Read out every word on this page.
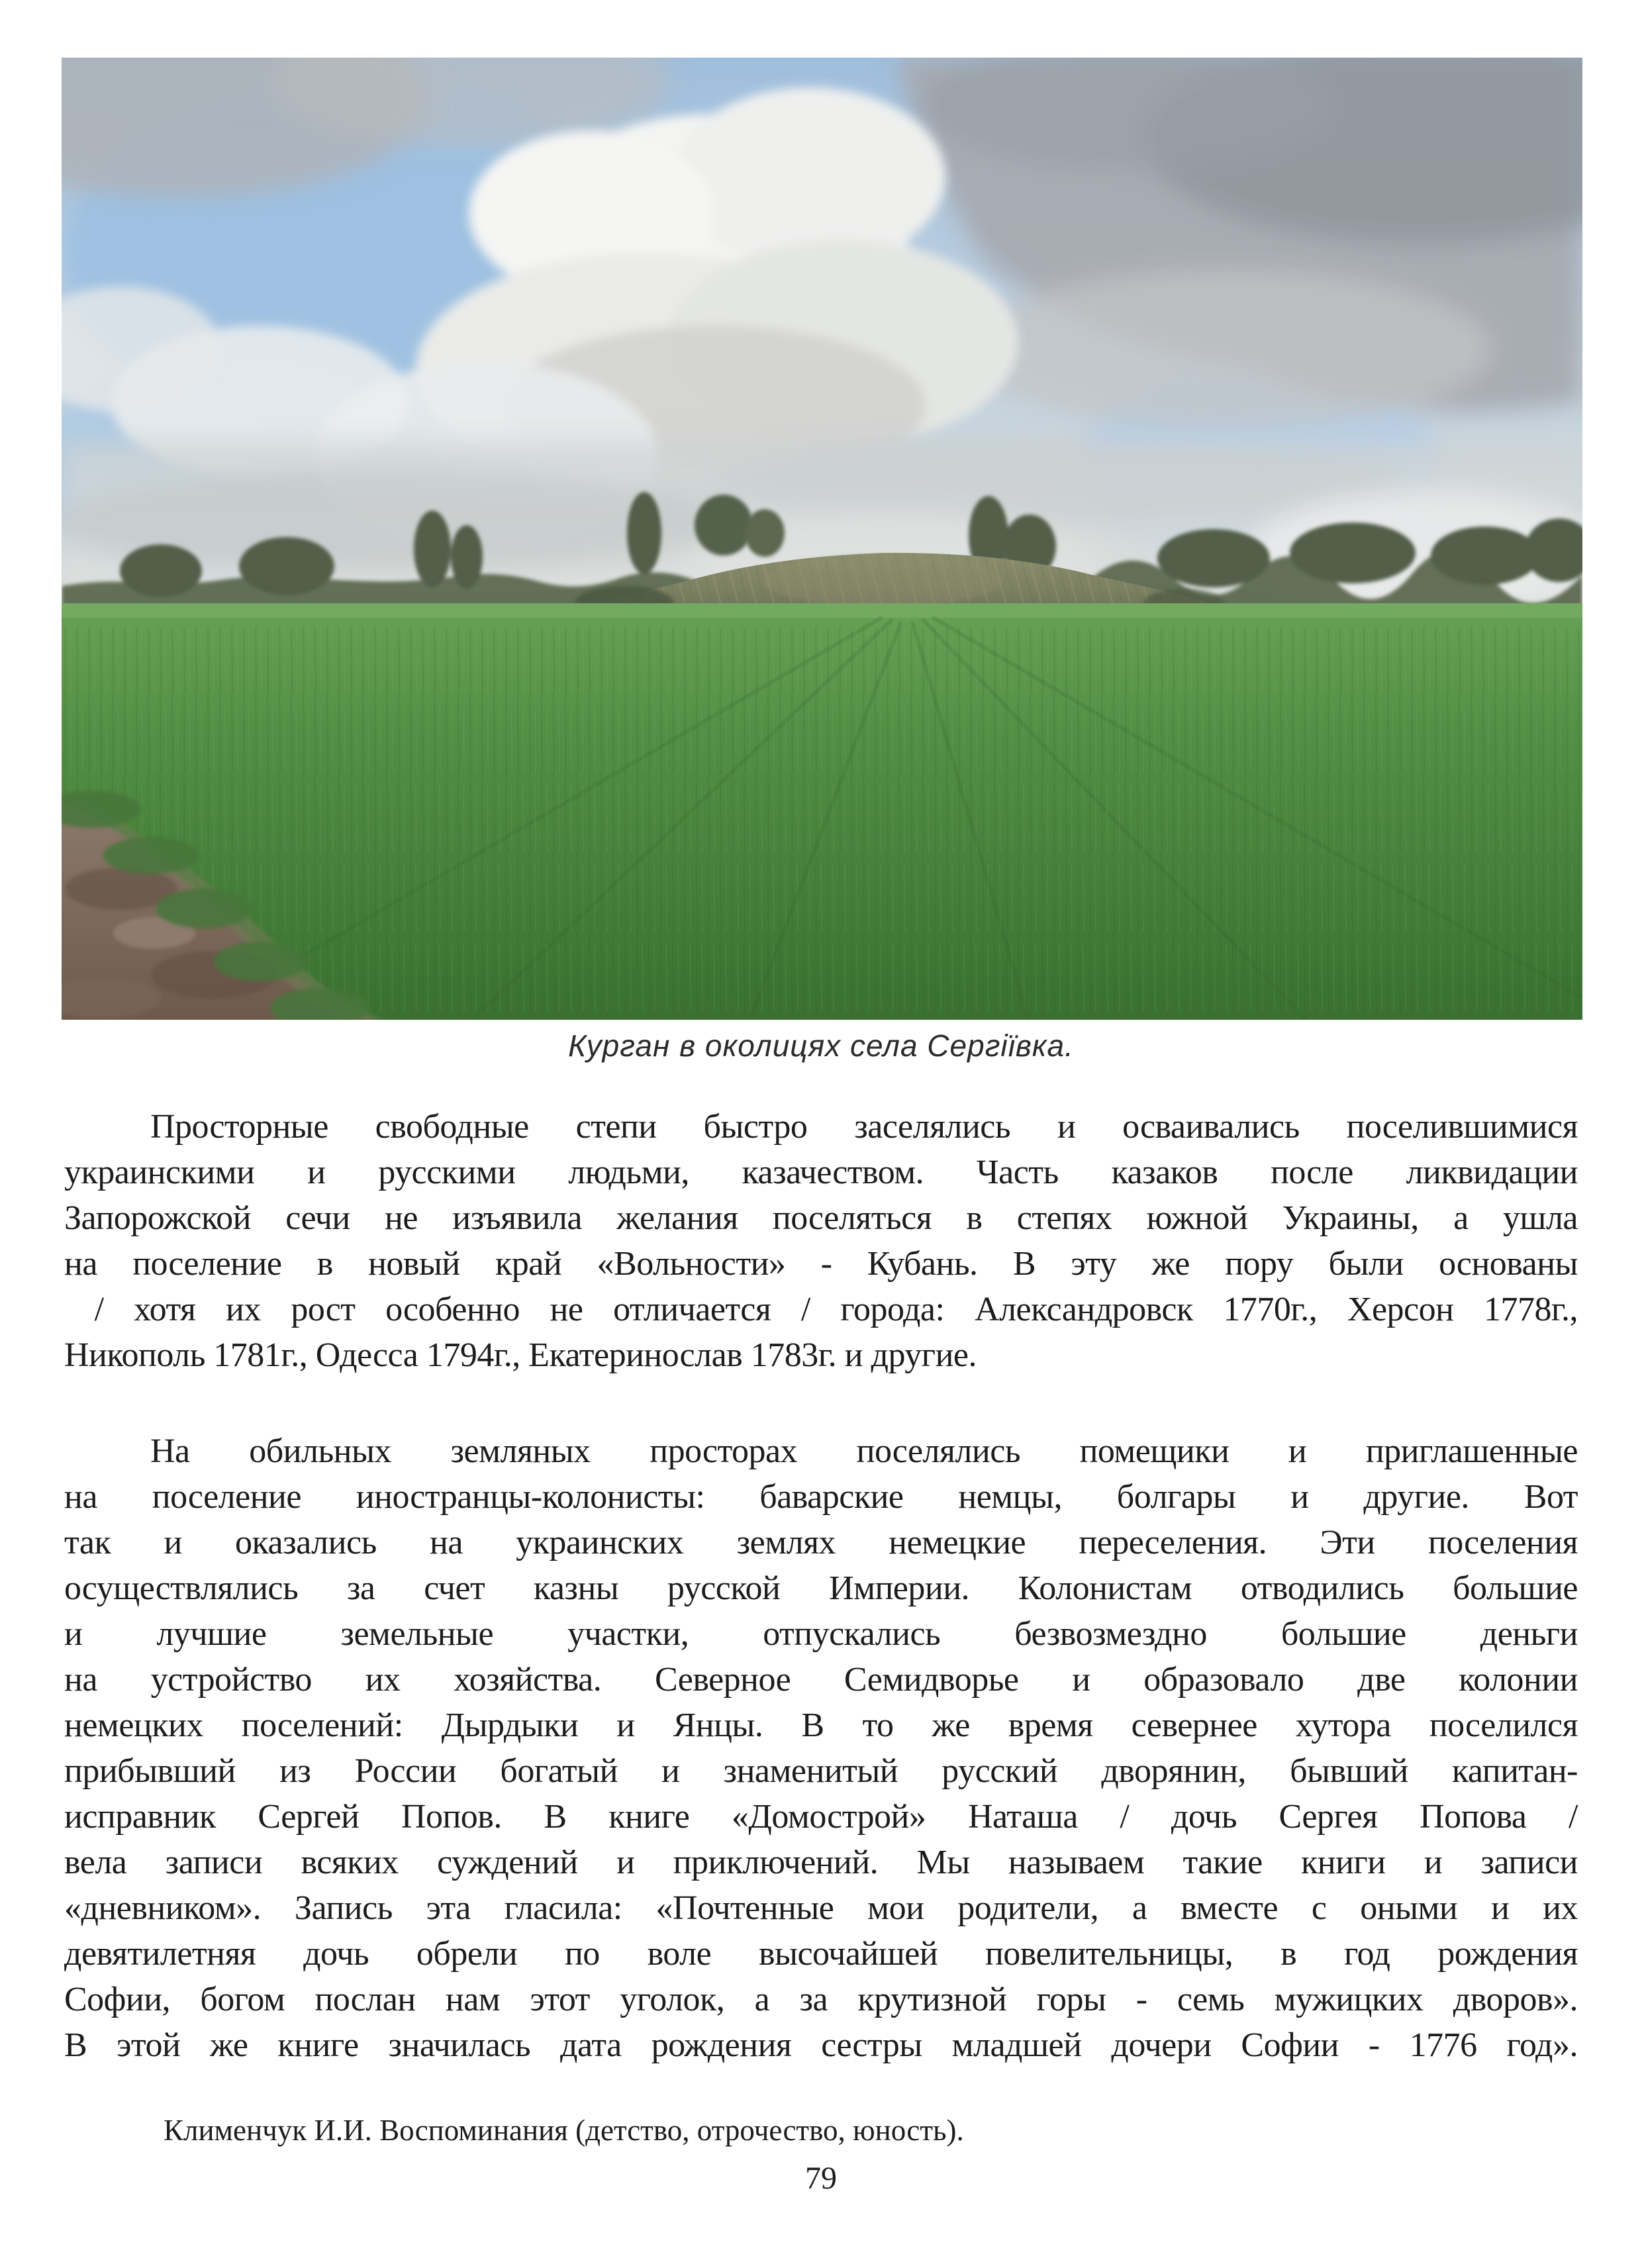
Курган в околицях села Сергіївка.
Просторные свободные степи быстро заселялись и осваивались поселившимися
украинскими и русскими людьми, казачеством. Часть казаков после ликвидации
Запорожской сечи не изъявила желания поселяться в степях южной Украины, а ушла
на поселение в новый край «Вольности» - Кубань. В эту же пору были основаны
/ хотя их рост особенно не отличается / города: Александровск 1770г., Херсон 1778г.,
Никополь 1781г., Одесса 1794г., Екатеринослав 1783г. и другие.
На обильных земляных просторах поселялись помещики и приглашенные
на поселение иностранцы-колонисты: баварские немцы, болгары и другие. Вот
так и оказались на украинских землях немецкие переселения. Эти поселения
осуществлялись за счет казны русской Империи. Колонистам отводились большие
и лучшие земельные участки, отпускались безвозмездно большие деньги
на устройство их хозяйства. Северное Семидворье и образовало две колонии
немецких поселений: Дырдыки и Янцы. В то же время севернее хутора поселился
прибывший из России богатый и знаменитый русский дворянин, бывший капитан-
исправник Сергей Попов. В книге «Домострой» Наташа / дочь Сергея Попова /
вела записи всяких суждений и приключений. Мы называем такие книги и записи
«дневником». Запись эта гласила: «Почтенные мои родители, а вместе с оными и их
девятилетняя дочь обрели по воле высочайшей повелительницы, в год рождения
Софии, богом послан нам этот уголок, а за крутизной горы - семь мужицких дворов».
В этой же книге значилась дата рождения сестры младшей дочери Софии - 1776 год».
Клименчук И.И. Воспоминания (детство, отрочество, юность).
79
